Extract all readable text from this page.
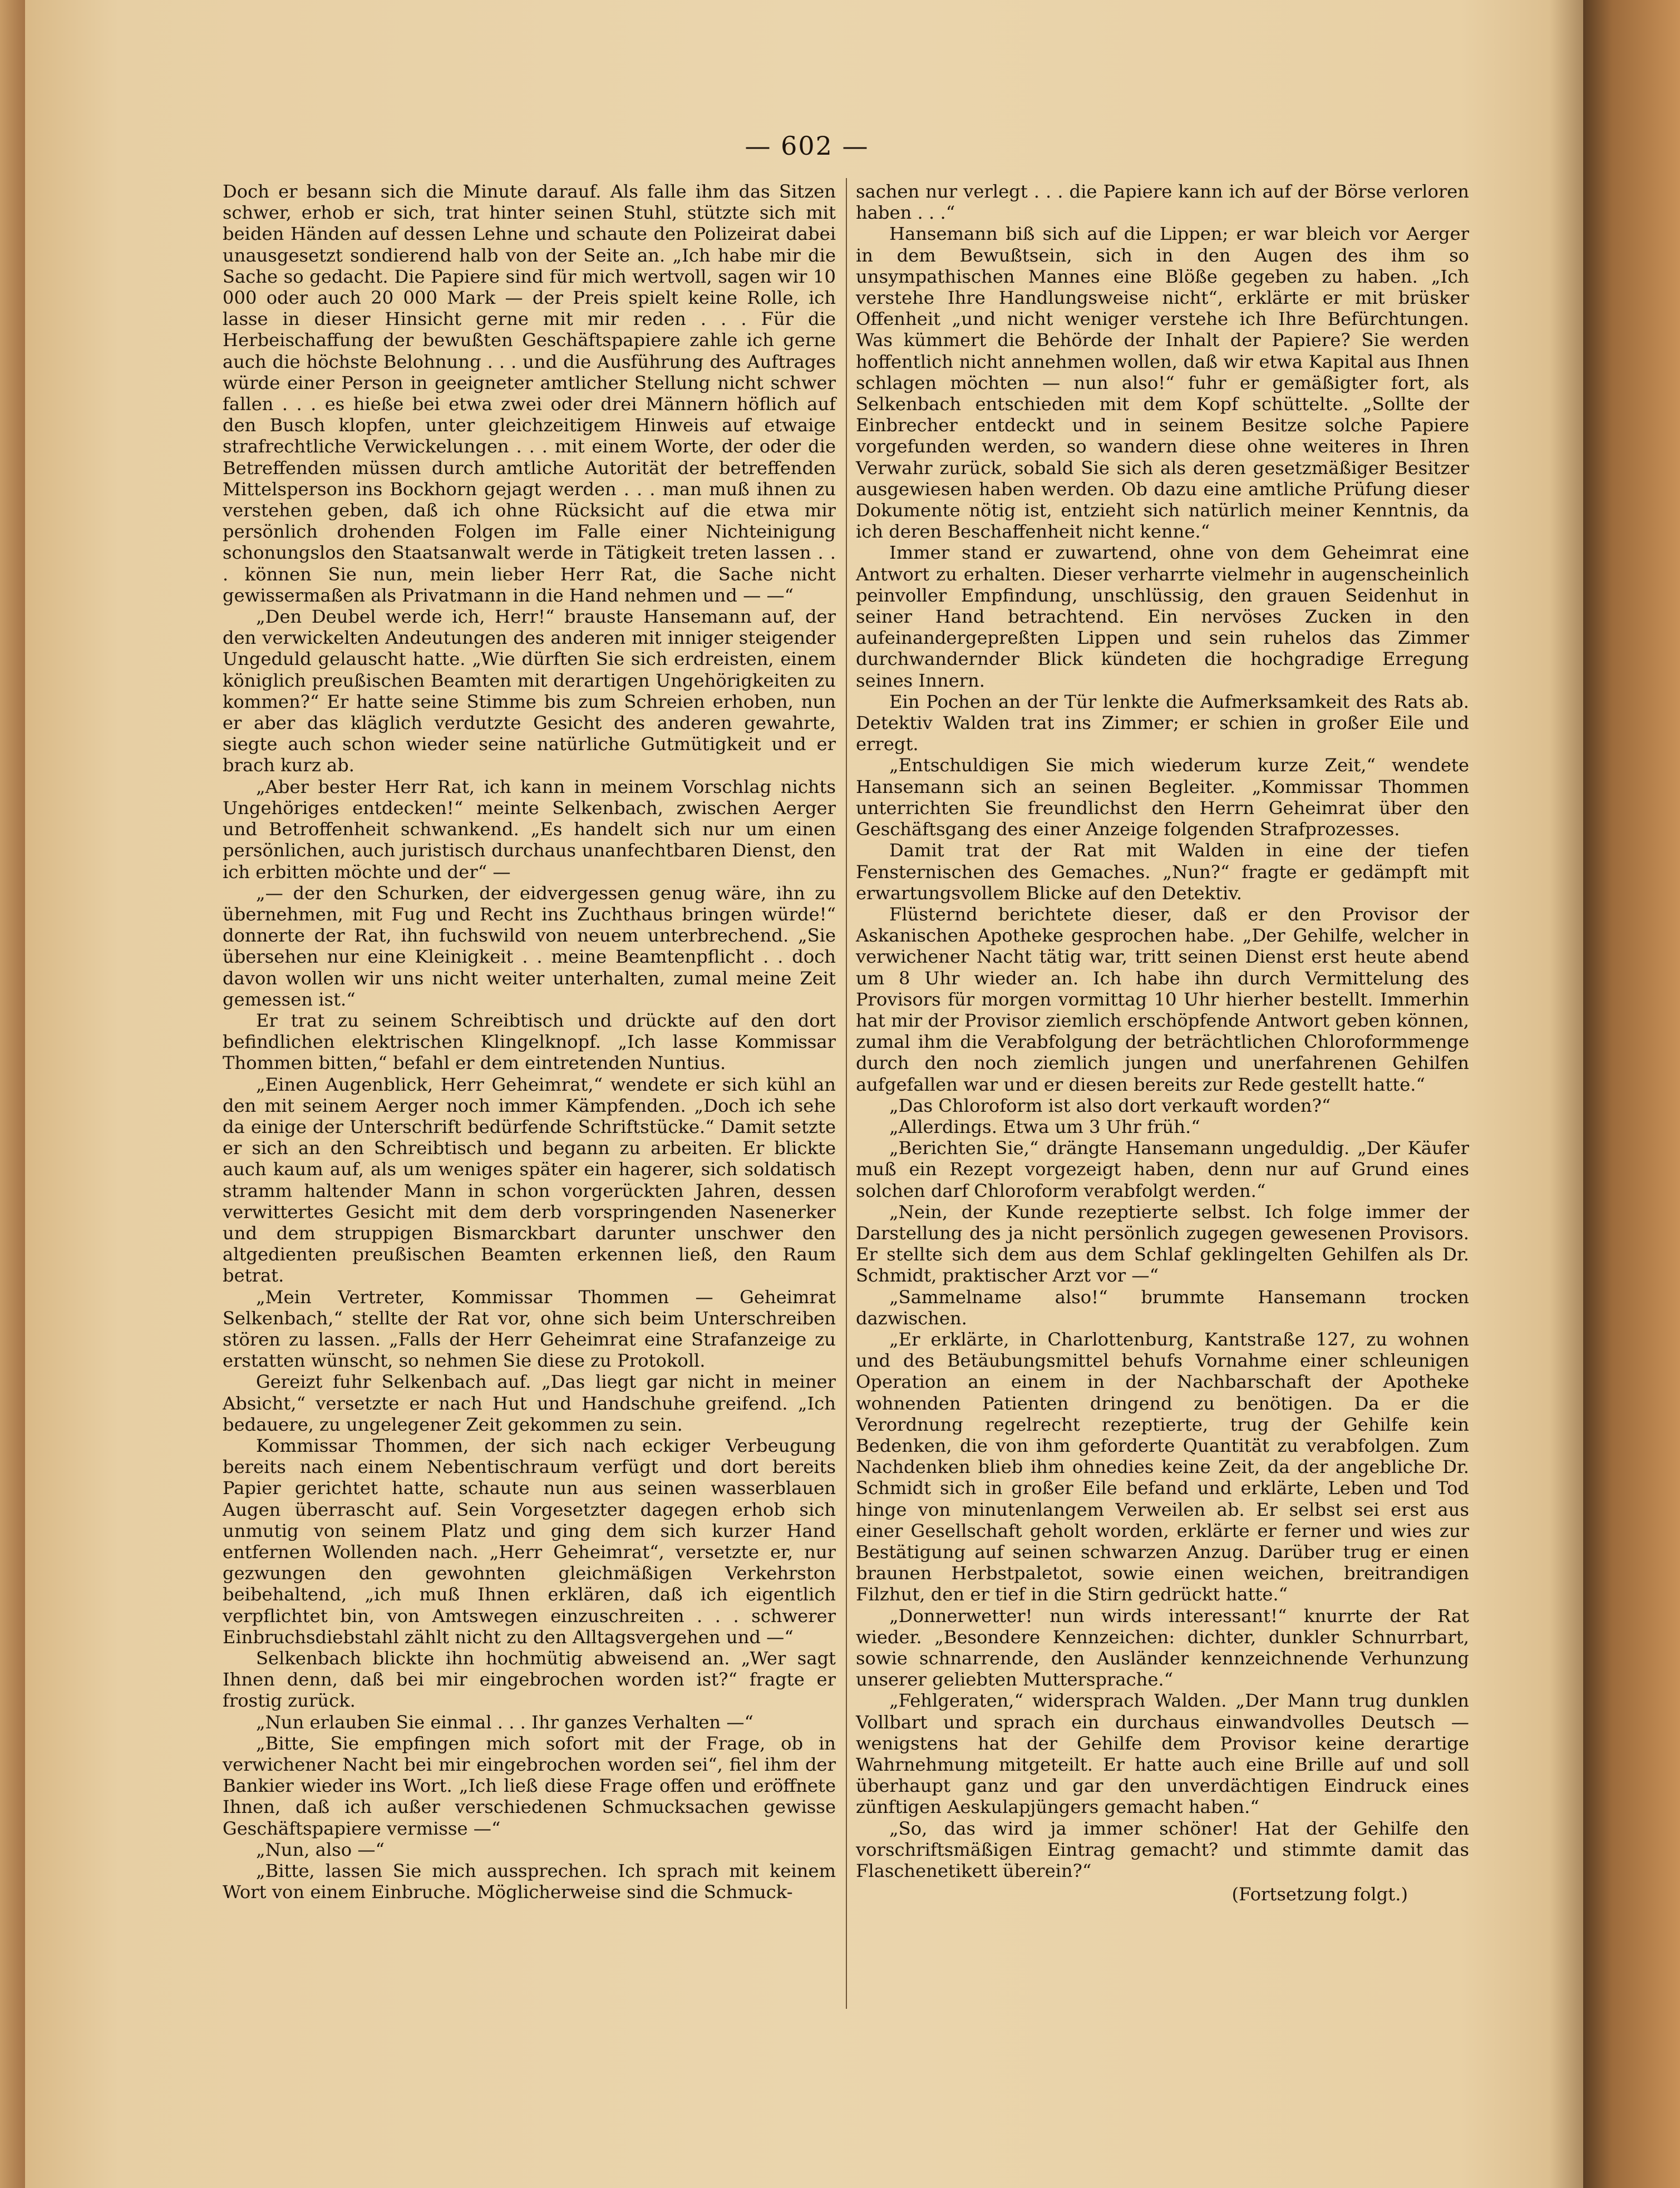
— 602 —

Doch er besann sich die Minute darauf. Als falle ihm das Sitzen schwer, erhob er sich, trat hinter seinen Stuhl, stützte sich mit beiden Händen auf dessen Lehne und schaute den Polizeirat dabei unausgesetzt sondierend halb von der Seite an. „Ich habe mir die Sache so gedacht. Die Papiere sind für mich wertvoll, sagen wir 10 000 oder auch 20 000 Mark — der Preis spielt keine Rolle, ich lasse in dieser Hinsicht gerne mit mir reden . . . Für die Herbeischaffung der bewußten Geschäftspapiere zahle ich gerne auch die höchste Belohnung . . . und die Ausführung des Auftrages würde einer Person in geeigneter amtlicher Stellung nicht schwer fallen . . . es hieße bei etwa zwei oder drei Männern höflich auf den Busch klopfen, unter gleichzeitigem Hinweis auf etwaige strafrechtliche Verwickelungen . . . mit einem Worte, der oder die Betreffenden müssen durch amtliche Autorität der betreffenden Mittelsperson ins Bockhorn gejagt werden . . . man muß ihnen zu verstehen geben, daß ich ohne Rücksicht auf die etwa mir persönlich drohenden Folgen im Falle einer Nichteinigung schonungslos den Staatsanwalt werde in Tätigkeit treten lassen . . . können Sie nun, mein lieber Herr Rat, die Sache nicht gewissermaßen als Privatmann in die Hand nehmen und — —“

„Den Deubel werde ich, Herr!“ brauste Hansemann auf, der den verwickelten Andeutungen des anderen mit inniger steigender Ungeduld gelauscht hatte. „Wie dürften Sie sich erdreisten, einem königlich preußischen Beamten mit derartigen Ungehörigkeiten zu kommen?“ Er hatte seine Stimme bis zum Schreien erhoben, nun er aber das kläglich verdutzte Gesicht des anderen gewahrte, siegte auch schon wieder seine natürliche Gutmütigkeit und er brach kurz ab.

„Aber bester Herr Rat, ich kann in meinem Vorschlag nichts Ungehöriges entdecken!“ meinte Selkenbach, zwischen Aerger und Betroffenheit schwankend. „Es handelt sich nur um einen persönlichen, auch juristisch durchaus unanfechtbaren Dienst, den ich erbitten möchte und der“ —

„— der den Schurken, der eidvergessen genug wäre, ihn zu übernehmen, mit Fug und Recht ins Zuchthaus bringen würde!“ donnerte der Rat, ihn fuchswild von neuem unterbrechend. „Sie übersehen nur eine Kleinigkeit . . meine Beamtenpflicht . . doch davon wollen wir uns nicht weiter unterhalten, zumal meine Zeit gemessen ist.“

Er trat zu seinem Schreibtisch und drückte auf den dort befindlichen elektrischen Klingelknopf. „Ich lasse Kommissar Thommen bitten,“ befahl er dem eintretenden Nuntius.

„Einen Augenblick, Herr Geheimrat,“ wendete er sich kühl an den mit seinem Aerger noch immer Kämpfenden. „Doch ich sehe da einige der Unterschrift bedürfende Schriftstücke.“ Damit setzte er sich an den Schreibtisch und begann zu arbeiten. Er blickte auch kaum auf, als um weniges später ein hagerer, sich soldatisch stramm haltender Mann in schon vorgerückten Jahren, dessen verwittertes Gesicht mit dem derb vorspringenden Nasenerker und dem struppigen Bismarckbart darunter unschwer den altgedienten preußischen Beamten erkennen ließ, den Raum betrat.

„Mein Vertreter, Kommissar Thommen — Geheimrat Selkenbach,“ stellte der Rat vor, ohne sich beim Unterschreiben stören zu lassen. „Falls der Herr Geheimrat eine Strafanzeige zu erstatten wünscht, so nehmen Sie diese zu Protokoll.

Gereizt fuhr Selkenbach auf. „Das liegt gar nicht in meiner Absicht,“ versetzte er nach Hut und Handschuhe greifend. „Ich bedauere, zu ungelegener Zeit gekommen zu sein.

Kommissar Thommen, der sich nach eckiger Verbeugung bereits nach einem Nebentischraum verfügt und dort bereits Papier gerichtet hatte, schaute nun aus seinen wasserblauen Augen überrascht auf. Sein Vorgesetzter dagegen erhob sich unmutig von seinem Platz und ging dem sich kurzer Hand entfernen Wollenden nach. „Herr Geheimrat“, versetzte er, nur gezwungen den gewohnten gleichmäßigen Verkehrston beibehaltend, „ich muß Ihnen erklären, daß ich eigentlich verpflichtet bin, von Amtswegen einzuschreiten . . . schwerer Einbruchsdiebstahl zählt nicht zu den Alltagsvergehen und —“

Selkenbach blickte ihn hochmütig abweisend an. „Wer sagt Ihnen denn, daß bei mir eingebrochen worden ist?“ fragte er frostig zurück.

„Nun erlauben Sie einmal . . . Ihr ganzes Verhalten —“

„Bitte, Sie empfingen mich sofort mit der Frage, ob in verwichener Nacht bei mir eingebrochen worden sei“, fiel ihm der Bankier wieder ins Wort. „Ich ließ diese Frage offen und eröffnete Ihnen, daß ich außer verschiedenen Schmucksachen gewisse Geschäftspapiere vermisse —“

„Nun, also —“

„Bitte, lassen Sie mich aussprechen. Ich sprach mit keinem Wort von einem Einbruche. Möglicherweise sind die Schmuck-

sachen nur verlegt . . . die Papiere kann ich auf der Börse verloren haben . . .“

Hansemann biß sich auf die Lippen; er war bleich vor Aerger in dem Bewußtsein, sich in den Augen des ihm so unsympathischen Mannes eine Blöße gegeben zu haben. „Ich verstehe Ihre Handlungsweise nicht“, erklärte er mit brüsker Offenheit „und nicht weniger verstehe ich Ihre Befürchtungen. Was kümmert die Behörde der Inhalt der Papiere? Sie werden hoffentlich nicht annehmen wollen, daß wir etwa Kapital aus Ihnen schlagen möchten — nun also!“ fuhr er gemäßigter fort, als Selkenbach entschieden mit dem Kopf schüttelte. „Sollte der Einbrecher entdeckt und in seinem Besitze solche Papiere vorgefunden werden, so wandern diese ohne weiteres in Ihren Verwahr zurück, sobald Sie sich als deren gesetzmäßiger Besitzer ausgewiesen haben werden. Ob dazu eine amtliche Prüfung dieser Dokumente nötig ist, entzieht sich natürlich meiner Kenntnis, da ich deren Beschaffenheit nicht kenne.“

Immer stand er zuwartend, ohne von dem Geheimrat eine Antwort zu erhalten. Dieser verharrte vielmehr in augenscheinlich peinvoller Empfindung, unschlüssig, den grauen Seidenhut in seiner Hand betrachtend. Ein nervöses Zucken in den aufeinandergepreßten Lippen und sein ruhelos das Zimmer durchwandernder Blick kündeten die hochgradige Erregung seines Innern.

Ein Pochen an der Tür lenkte die Aufmerksamkeit des Rats ab. Detektiv Walden trat ins Zimmer; er schien in großer Eile und erregt.

„Entschuldigen Sie mich wiederum kurze Zeit,“ wendete Hansemann sich an seinen Begleiter. „Kommissar Thommen unterrichten Sie freundlichst den Herrn Geheimrat über den Geschäftsgang des einer Anzeige folgenden Strafprozesses.

Damit trat der Rat mit Walden in eine der tiefen Fensternischen des Gemaches. „Nun?“ fragte er gedämpft mit erwartungsvollem Blicke auf den Detektiv.

Flüsternd berichtete dieser, daß er den Provisor der Askanischen Apotheke gesprochen habe. „Der Gehilfe, welcher in verwichener Nacht tätig war, tritt seinen Dienst erst heute abend um 8 Uhr wieder an. Ich habe ihn durch Vermittelung des Provisors für morgen vormittag 10 Uhr hierher bestellt. Immerhin hat mir der Provisor ziemlich erschöpfende Antwort geben können, zumal ihm die Verabfolgung der beträchtlichen Chloroformmenge durch den noch ziemlich jungen und unerfahrenen Gehilfen aufgefallen war und er diesen bereits zur Rede gestellt hatte.“

„Das Chloroform ist also dort verkauft worden?“

„Allerdings. Etwa um 3 Uhr früh.“

„Berichten Sie,“ drängte Hansemann ungeduldig. „Der Käufer muß ein Rezept vorgezeigt haben, denn nur auf Grund eines solchen darf Chloroform verabfolgt werden.“

„Nein, der Kunde rezeptierte selbst. Ich folge immer der Darstellung des ja nicht persönlich zugegen gewesenen Provisors. Er stellte sich dem aus dem Schlaf geklingelten Gehilfen als Dr. Schmidt, praktischer Arzt vor —“

„Sammelname also!“ brummte Hansemann trocken dazwischen.

„Er erklärte, in Charlottenburg, Kantstraße 127, zu wohnen und des Betäubungsmittel behufs Vornahme einer schleunigen Operation an einem in der Nachbarschaft der Apotheke wohnenden Patienten dringend zu benötigen. Da er die Verordnung regelrecht rezeptierte, trug der Gehilfe kein Bedenken, die von ihm geforderte Quantität zu verabfolgen. Zum Nachdenken blieb ihm ohnedies keine Zeit, da der angebliche Dr. Schmidt sich in großer Eile befand und erklärte, Leben und Tod hinge von minutenlangem Verweilen ab. Er selbst sei erst aus einer Gesellschaft geholt worden, erklärte er ferner und wies zur Bestätigung auf seinen schwarzen Anzug. Darüber trug er einen braunen Herbstpaletot, sowie einen weichen, breitrandigen Filzhut, den er tief in die Stirn gedrückt hatte.“

„Donnerwetter! nun wirds interessant!“ knurrte der Rat wieder. „Besondere Kennzeichen: dichter, dunkler Schnurrbart, sowie schnarrende, den Ausländer kennzeichnende Verhunzung unserer geliebten Muttersprache.“

„Fehlgeraten,“ widersprach Walden. „Der Mann trug dunklen Vollbart und sprach ein durchaus einwandvolles Deutsch — wenigstens hat der Gehilfe dem Provisor keine derartige Wahrnehmung mitgeteilt. Er hatte auch eine Brille auf und soll überhaupt ganz und gar den unverdächtigen Eindruck eines zünftigen Aeskulapjüngers gemacht haben.“

„So, das wird ja immer schöner! Hat der Gehilfe den vorschriftsmäßigen Eintrag gemacht? und stimmte damit das Flaschenetikett überein?“

(Fortsetzung folgt.)
